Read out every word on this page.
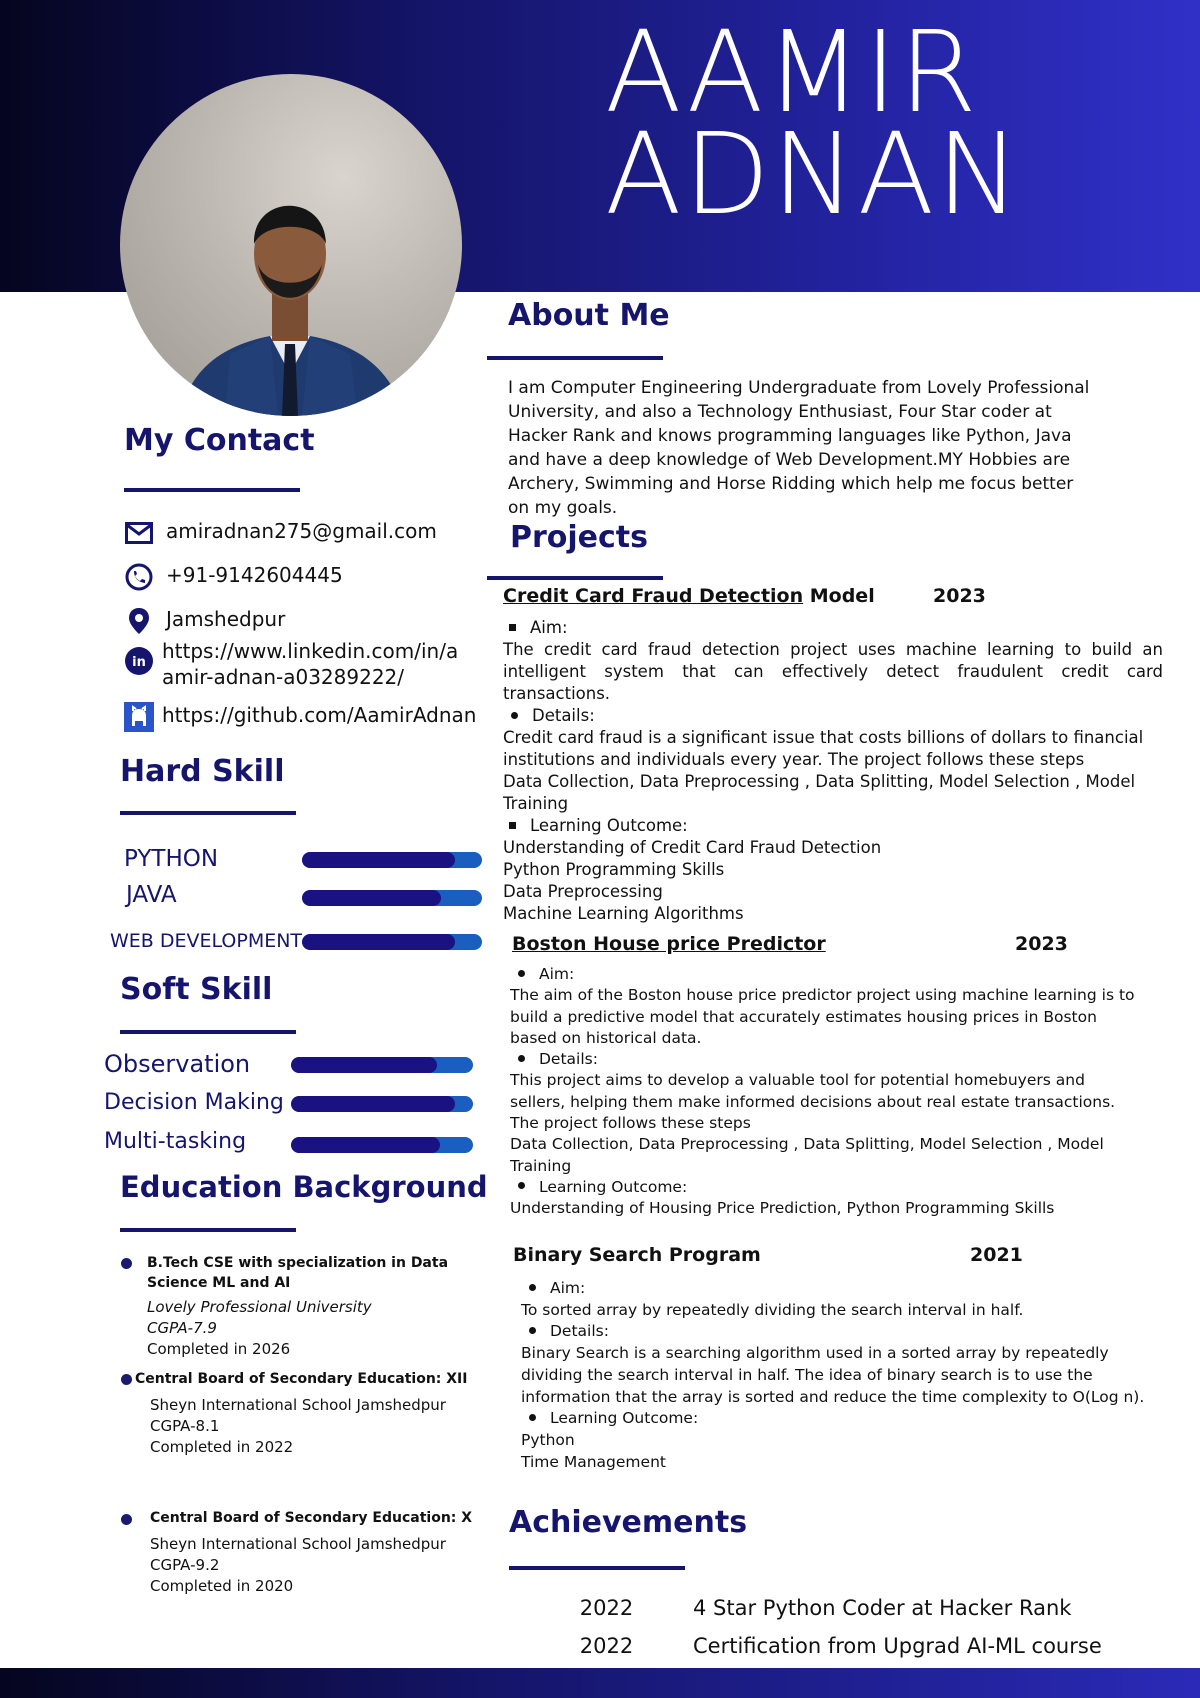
AAMIR
ADNAN
My Contact
amiradnan275@gmail.com
+91-9142604445
Jamshedpur
in https://www.linkedin.com/in/a
amir-adnan-a03289222/
https://github.com/AamirAdnan
Hard Skill
PYTHON
JAVA
WEB DEVELOPMENT
Soft Skill
Observation
Decision Making
Multi-tasking
Education Background
B.Tech CSE with specialization in Data
Science ML and AI
Lovely Professional University
CGPA-7.9
Completed in 2026
Central Board of Secondary Education: XII
Sheyn International School Jamshedpur
CGPA-8.1
Completed in 2022
Central Board of Secondary Education: X
Sheyn International School Jamshedpur
CGPA-9.2
Completed in 2020
About Me
I am Computer Engineering Undergraduate from Lovely Professional University, and also a Technology Enthusiast, Four Star coder at Hacker Rank and knows programming languages like Python, Java and have a deep knowledge of Web Development.MY Hobbies are Archery, Swimming and Horse Ridding which help me focus better on my goals.
Projects
Credit Card Fraud Detection Model	2023
Aim:
The credit card fraud detection project uses machine learning to build an intelligent system that can effectively detect fraudulent credit card transactions.
Details:
Credit card fraud is a significant issue that costs billions of dollars to financial institutions and individuals every year. The project follows these steps
Data Collection, Data Preprocessing , Data Splitting, Model Selection , Model Training
Learning Outcome:
Understanding of Credit Card Fraud Detection
Python Programming Skills
Data Preprocessing
Machine Learning Algorithms
Boston House price Predictor	2023
Aim:
The aim of the Boston house price predictor project using machine learning is to build a predictive model that accurately estimates housing prices in Boston based on historical data.
Details:
This project aims to develop a valuable tool for potential homebuyers and sellers, helping them make informed decisions about real estate transactions. The project follows these steps
Data Collection, Data Preprocessing , Data Splitting, Model Selection , Model Training
Learning Outcome:
Understanding of Housing Price Prediction, Python Programming Skills
Binary Search Program	2021
Aim:
To sorted array by repeatedly dividing the search interval in half.
Details:
Binary Search is a searching algorithm used in a sorted array by repeatedly dividing the search interval in half. The idea of binary search is to use the information that the array is sorted and reduce the time complexity to O(Log n).
Learning Outcome:
Python
Time Management
Achievements
2022	4 Star Python Coder at Hacker Rank
2022	Certification from Upgrad AI-ML course
